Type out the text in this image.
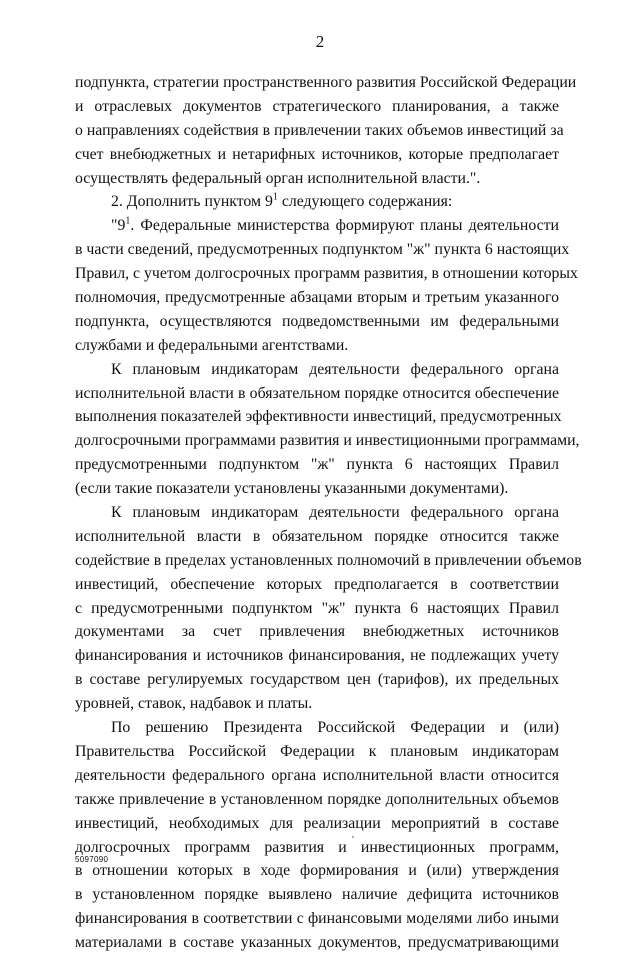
2
подпункта, стратегии пространственного развития Российской Федерации
и отраслевых документов стратегического планирования, а также
о направлениях содействия в привлечении таких объемов инвестиций за
счет внебюджетных и нетарифных источников, которые предполагает
осуществлять федеральный орган исполнительной власти.".
2. Дополнить пунктом $9^1$ следующего содержания:
"$9^1$. Федеральные министерства формируют планы деятельности
в части сведений, предусмотренных подпунктом "ж" пункта 6 настоящих
Правил, с учетом долгосрочных программ развития, в отношении которых
полномочия, предусмотренные абзацами вторым и третьим указанного
подпункта, осуществляются подведомственными им федеральными
службами и федеральными агентствами.
К плановым индикаторам деятельности федерального органа
исполнительной власти в обязательном порядке относится обеспечение
выполнения показателей эффективности инвестиций, предусмотренных
долгосрочными программами развития и инвестиционными программами,
предусмотренными подпунктом "ж" пункта 6 настоящих Правил
(если такие показатели установлены указанными документами).
К плановым индикаторам деятельности федерального органа
исполнительной власти в обязательном порядке относится также
содействие в пределах установленных полномочий в привлечении объемов
инвестиций, обеспечение которых предполагается в соответствии
с предусмотренными подпунктом "ж" пункта 6 настоящих Правил
документами за счет привлечения внебюджетных источников
финансирования и источников финансирования, не подлежащих учету
в составе регулируемых государством цен (тарифов), их предельных
уровней, ставок, надбавок и платы.
По решению Президента Российской Федерации и (или)
Правительства Российской Федерации к плановым индикаторам
деятельности федерального органа исполнительной власти относится
также привлечение в установленном порядке дополнительных объемов
инвестиций, необходимых для реализации мероприятий в составе
долгосрочных программ развития и инвестиционных программ,
в отношении которых в ходе формирования и (или) утверждения
в установленном порядке выявлено наличие дефицита источников
финансирования в соответствии с финансовыми моделями либо иными
материалами в составе указанных документов, предусматривающими
5097090
